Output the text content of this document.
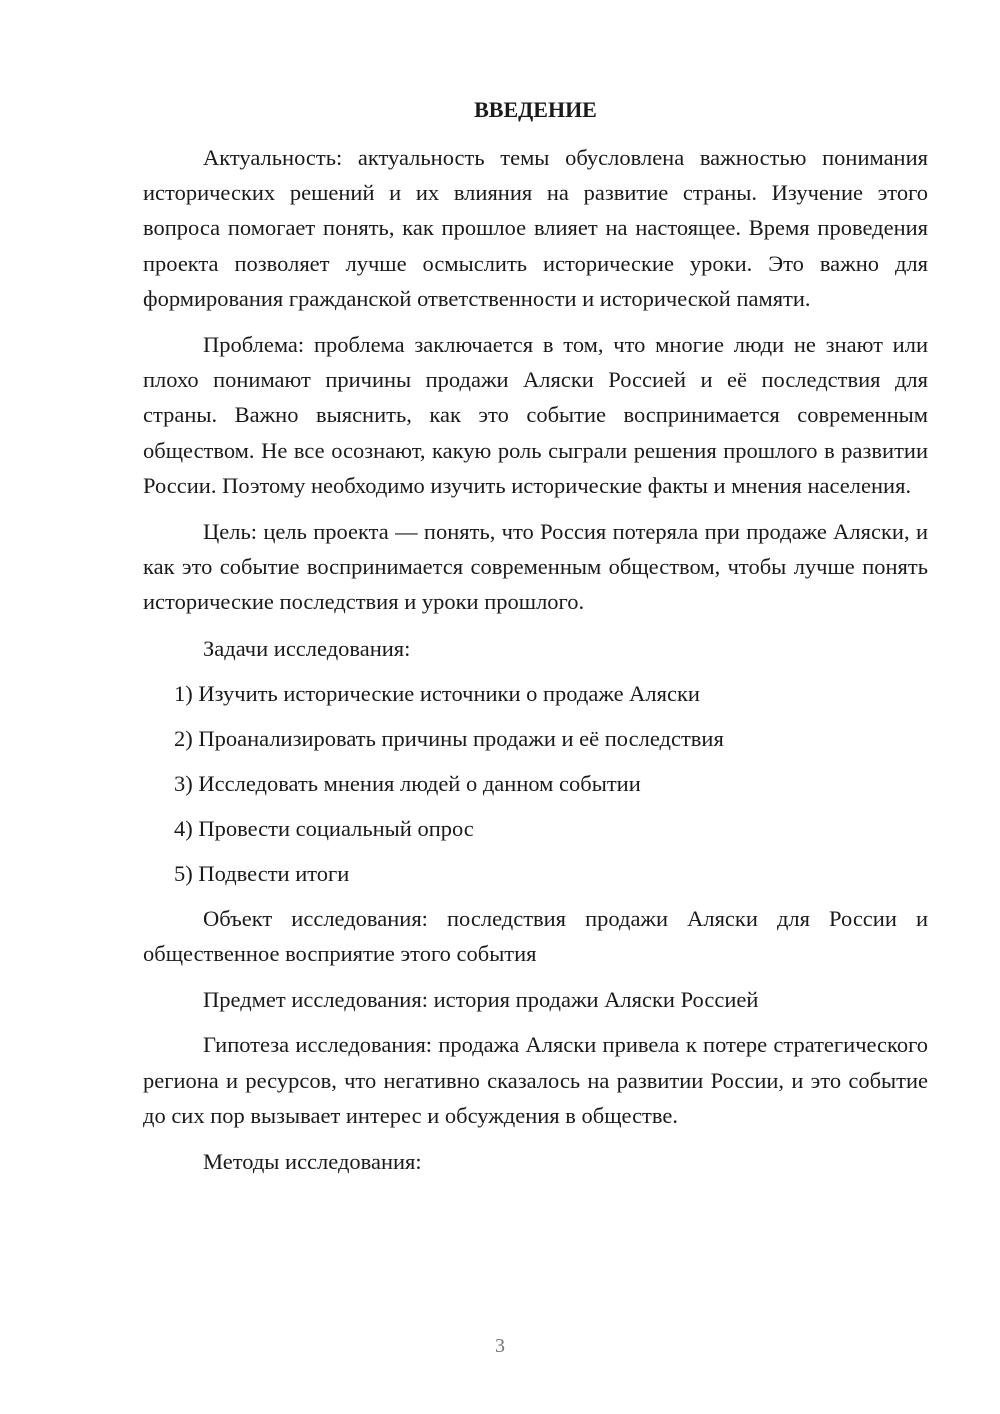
ВВЕДЕНИЕ

Актуальность: актуальность темы обусловлена важностью понимания исторических решений и их влияния на развитие страны. Изучение этого вопроса помогает понять, как прошлое влияет на настоящее. Время проведения проекта позволяет лучше осмыслить исторические уроки. Это важно для формирования гражданской ответственности и исторической памяти.

Проблема: проблема заключается в том, что многие люди не знают или плохо понимают причины продажи Аляски Россией и её последствия для страны. Важно выяснить, как это событие воспринимается современным обществом. Не все осознают, какую роль сыграли решения прошлого в развитии России. Поэтому необходимо изучить исторические факты и мнения населения.

Цель: цель проекта — понять, что Россия потеряла при продаже Аляски, и как это событие воспринимается современным обществом, чтобы лучше понять исторические последствия и уроки прошлого.

Задачи исследования:

1) Изучить исторические источники о продаже Аляски
2) Проанализировать причины продажи и её последствия
3) Исследовать мнения людей о данном событии
4) Провести социальный опрос
5) Подвести итоги

Объект исследования: последствия продажи Аляски для России и общественное восприятие этого события

Предмет исследования: история продажи Аляски Россией

Гипотеза исследования: продажа Аляски привела к потере стратегического региона и ресурсов, что негативно сказалось на развитии России, и это событие до сих пор вызывает интерес и обсуждения в обществе.

Методы исследования:

3
